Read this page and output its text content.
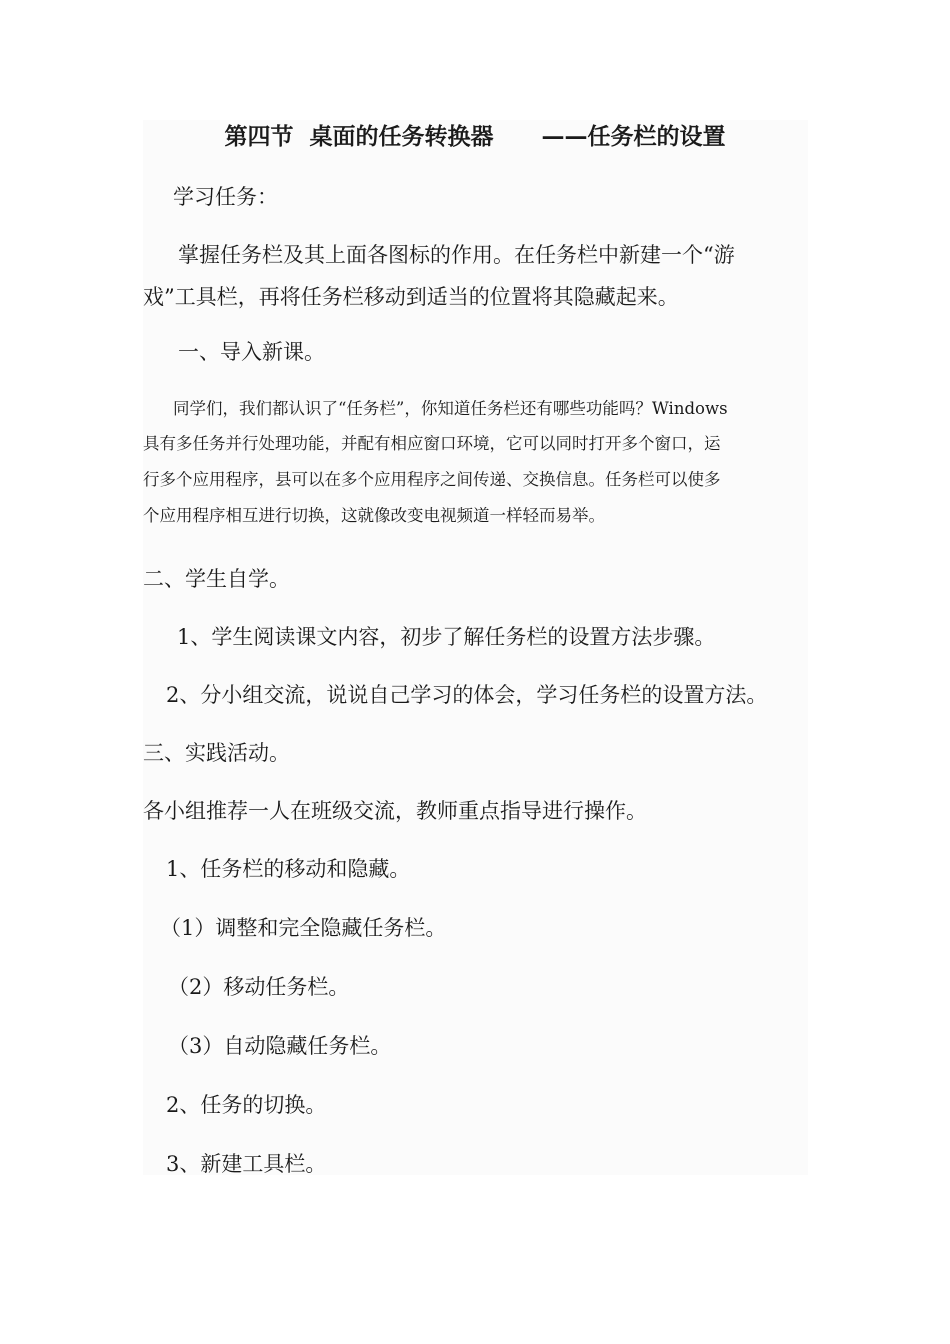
第四节  桌面的任务转换器      ——任务栏的设置
学习任务：
掌握任务栏及其上面各图标的作用。在任务栏中新建一个“游
戏”工具栏，再将任务栏移动到适当的位置将其隐藏起来。
一、导入新课。
同学们，我们都认识了“任务栏”，你知道任务栏还有哪些功能吗？Windows
具有多任务并行处理功能，并配有相应窗口环境，它可以同时打开多个窗口，运
行多个应用程序，县可以在多个应用程序之间传递、交换信息。任务栏可以使多
个应用程序相互进行切换，这就像改变电视频道一样轻而易举。
二、学生自学。
1、学生阅读课文内容，初步了解任务栏的设置方法步骤。
2、分小组交流，说说自己学习的体会，学习任务栏的设置方法。
三、实践活动。
各小组推荐一人在班级交流，教师重点指导进行操作。
1、任务栏的移动和隐藏。
（1）调整和完全隐藏任务栏。
（2）移动任务栏。
（3）自动隐藏任务栏。
2、任务的切换。
3、新建工具栏。
